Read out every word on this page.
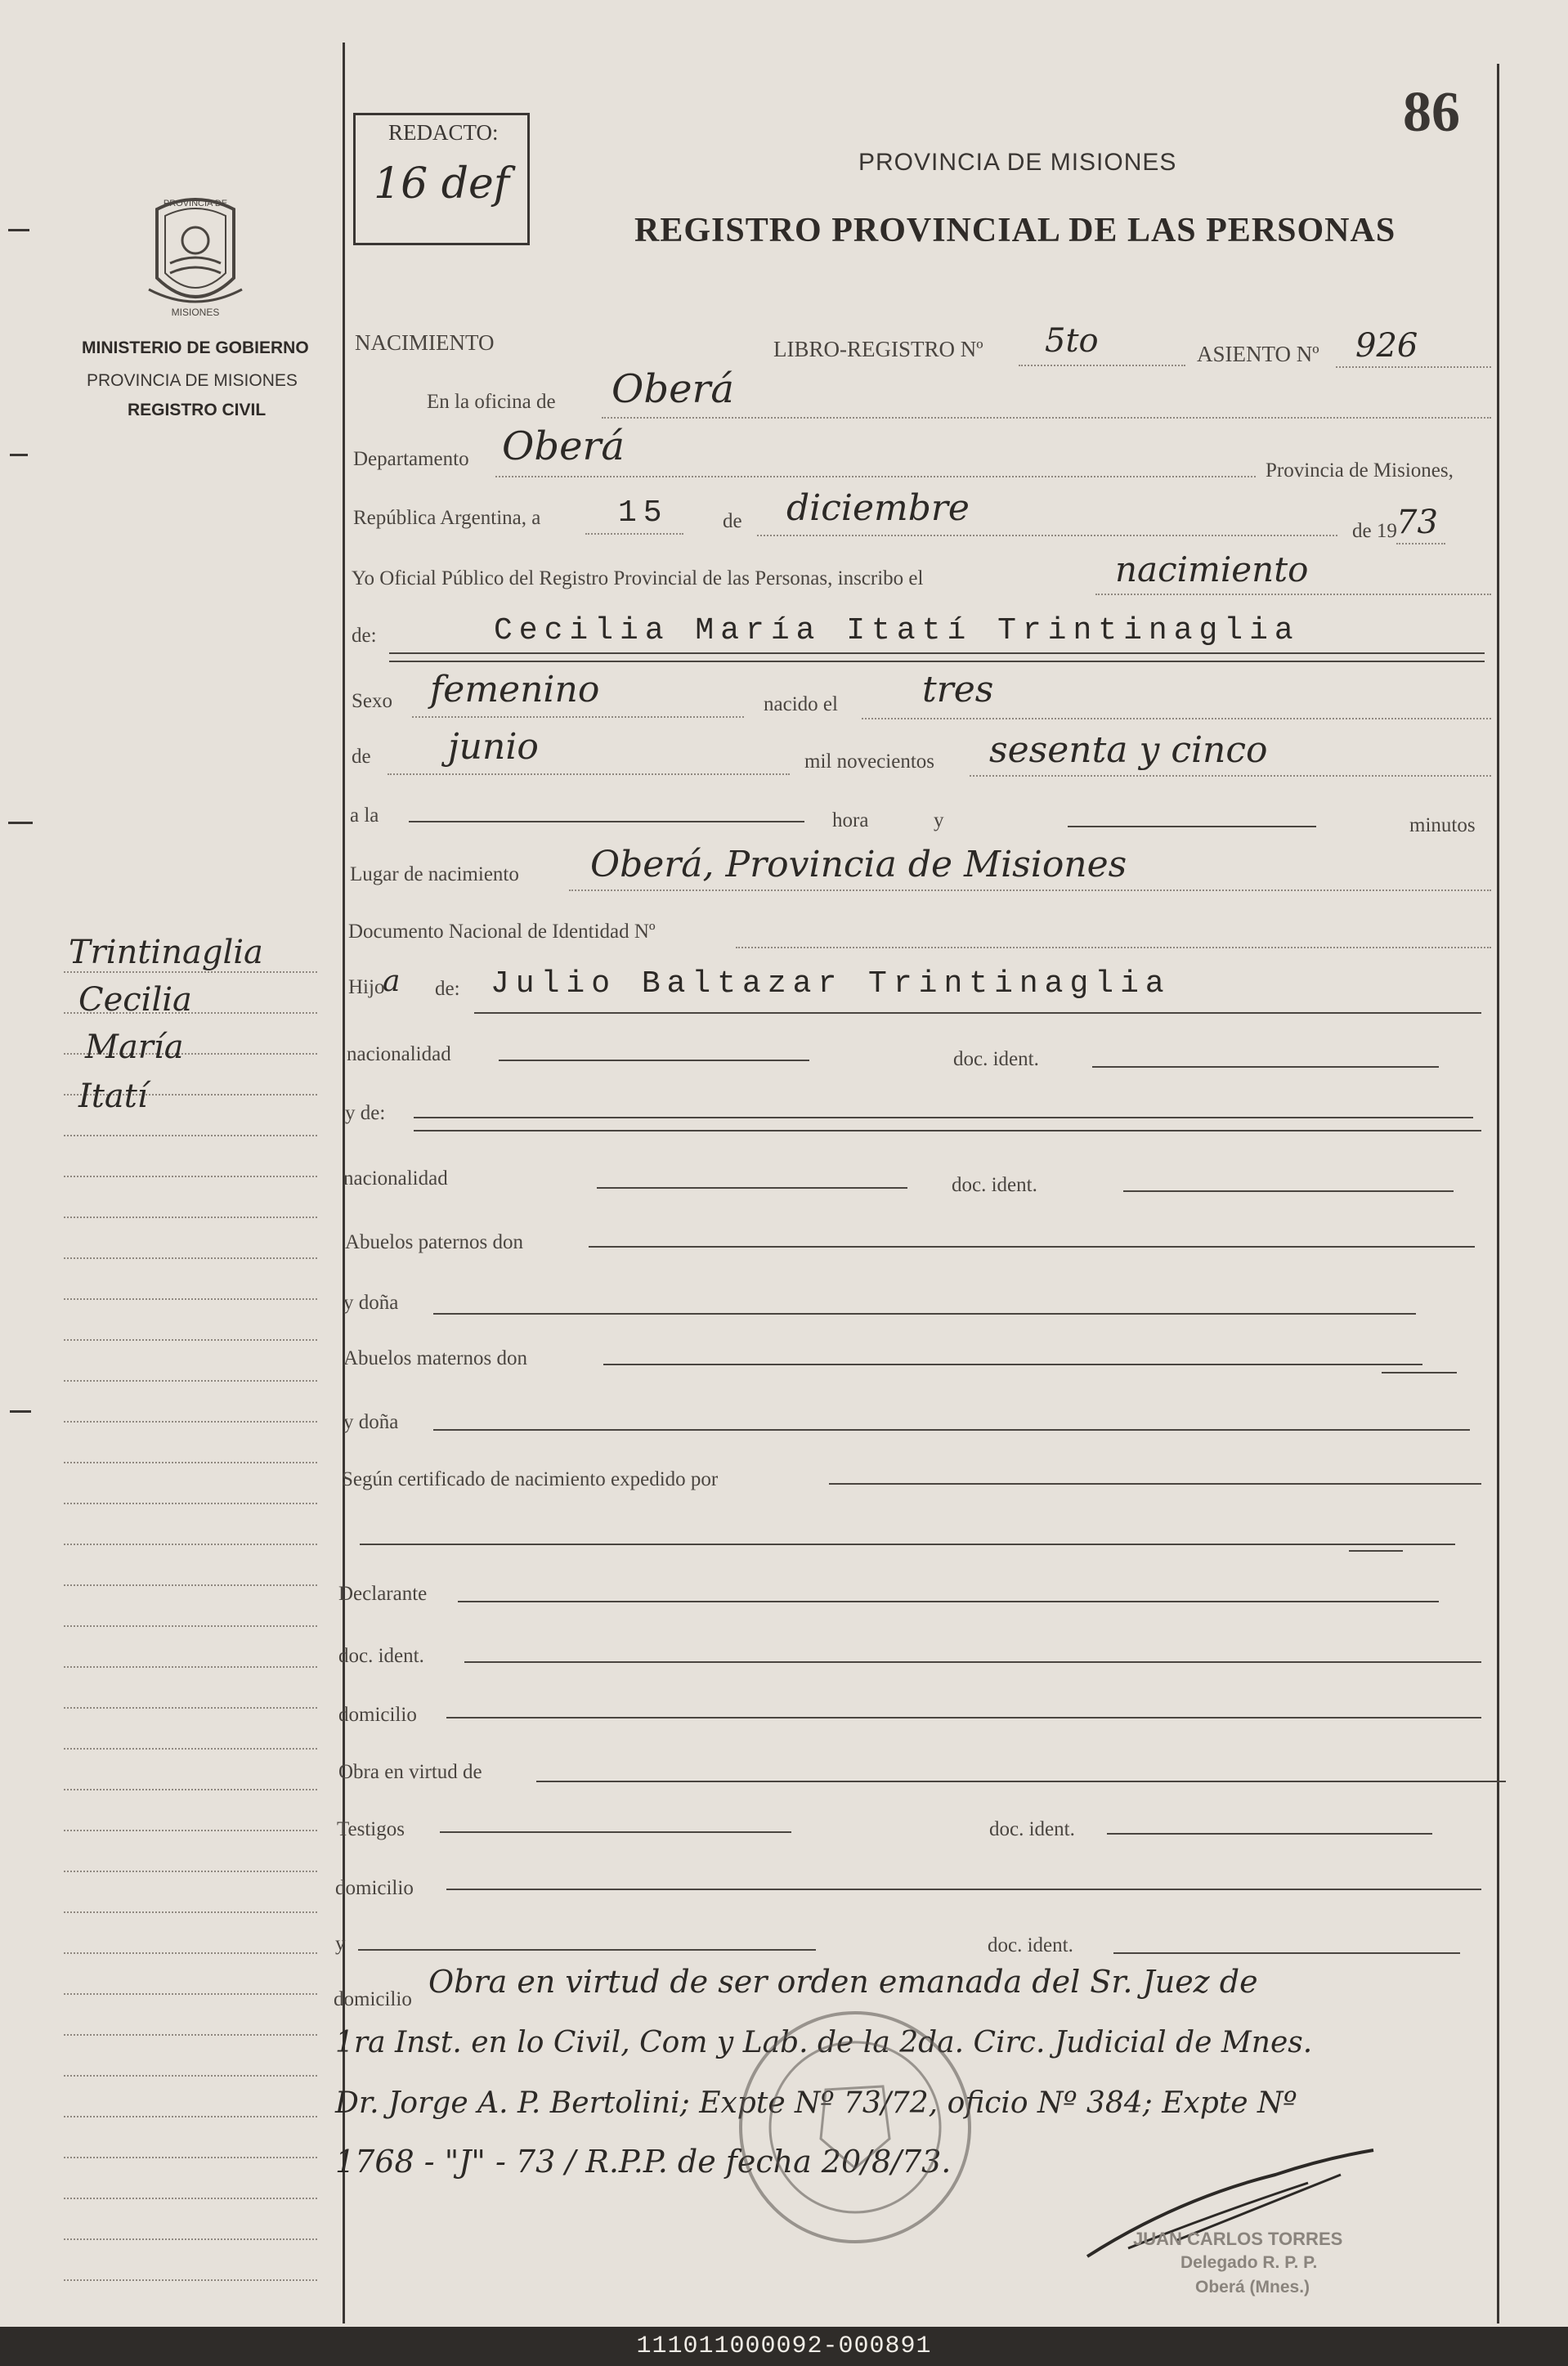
86
REDACTO:
16 def	PROVINCIA DE MISIONES
REGISTRO PROVINCIAL DE LAS PERSONAS
PROVINCIA DE
MISIONES
MINISTERIO DE GOBIERNO
PROVINCIA DE MISIONES
REGISTRO CIVIL
Trintinaglia
Cecilia
María
Itatí
NACIMIENTO	LIBRO-REGISTRO Nº 5to	ASIENTO Nº 926
En la oficina de Oberá
Departamento Oberá
Provincia de Misiones,
República Argentina, a 15	de diciembre
de 19 73
Yo Oficial Público del Registro Provincial de las Personas, inscribo el	nacimiento
de:	Cecilia María Itatí Trintinaglia
Sexo femenino	nacido el tres
de junio	mil novecientos sesenta y cinco
a la	hora	y	minutos
Lugar de nacimiento Oberá, Provincia de Misiones
Documento Nacional de Identidad Nº
Hijo
a de: Julio Baltazar Trintinaglia
nacionalidad	doc. ident.
y de:
nacionalidad	doc. ident.
Abuelos paternos don
y doña
Abuelos maternos don
y doña
Según certificado de nacimiento expedido por
Declarante
doc. ident.
domicilio
Obra en virtud de
Testigos	doc. ident.
domicilio
y	doc. ident.
domicilio Obra en virtud de ser orden emanada del Sr. Juez de
1ra Inst. en lo Civil, Com y Lab. de la 2da. Circ. Judicial de Mnes.
Dr. Jorge A. P. Bertolini; Expte Nº 73/72, oficio Nº 384; Expte Nº
1768 - "J" - 73 / R.P.P. de fecha 20/8/73.
JUAN CARLOS TORRES
Delegado R. P. P.
Oberá (Mnes.)
111011000092-000891
